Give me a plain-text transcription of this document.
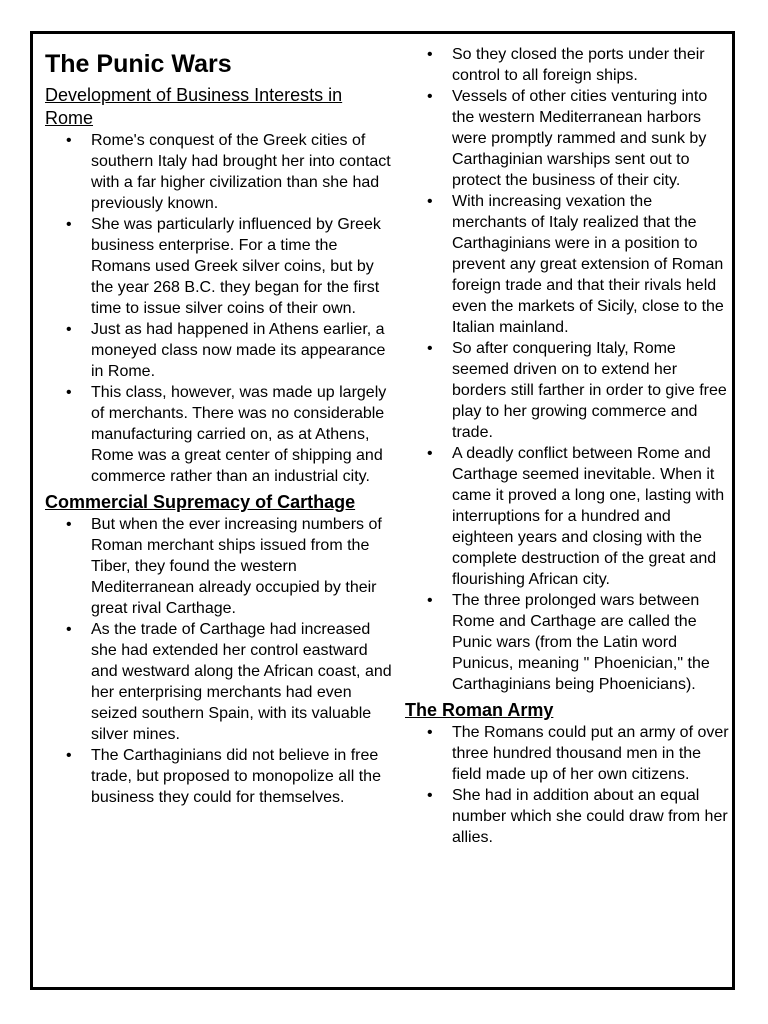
The Punic Wars

Development of Business Interests in Rome

• Rome's conquest of the Greek cities of southern Italy had brought her into contact with a far higher civilization than she had previously known.
• She was particularly influenced by Greek business enterprise. For a time the Romans used Greek silver coins, but by the year 268 B.C. they began for the first time to issue silver coins of their own.
• Just as had happened in Athens earlier, a moneyed class now made its appearance in Rome.
• This class, however, was made up largely of merchants. There was no considerable manufacturing carried on, as at Athens, Rome was a great center of shipping and commerce rather than an industrial city.

Commercial Supremacy of Carthage

• But when the ever increasing numbers of Roman merchant ships issued from the Tiber, they found the western Mediterranean already occupied by their great rival Carthage.
• As the trade of Carthage had increased she had extended her control eastward and westward along the African coast, and her enterprising merchants had even seized southern Spain, with its valuable silver mines.
• The Carthaginians did not believe in free trade, but proposed to monopolize all the business they could for themselves.
• So they closed the ports under their control to all foreign ships.
• Vessels of other cities venturing into the western Mediterranean harbors were promptly rammed and sunk by Carthaginian warships sent out to protect the business of their city.
• With increasing vexation the merchants of Italy realized that the Carthaginians were in a position to prevent any great extension of Roman foreign trade and that their rivals held even the markets of Sicily, close to the Italian mainland.
• So after conquering Italy, Rome seemed driven on to extend her borders still farther in order to give free play to her growing commerce and trade.
• A deadly conflict between Rome and Carthage seemed inevitable. When it came it proved a long one, lasting with interruptions for a hundred and eighteen years and closing with the complete destruction of the great and flourishing African city.
• The three prolonged wars between Rome and Carthage are called the Punic wars (from the Latin word Punicus, meaning " Phoenician," the Carthaginians being Phoenicians).

The Roman Army

• The Romans could put an army of over three hundred thousand men in the field made up of her own citizens.
• She had in addition about an equal number which she could draw from her allies.
